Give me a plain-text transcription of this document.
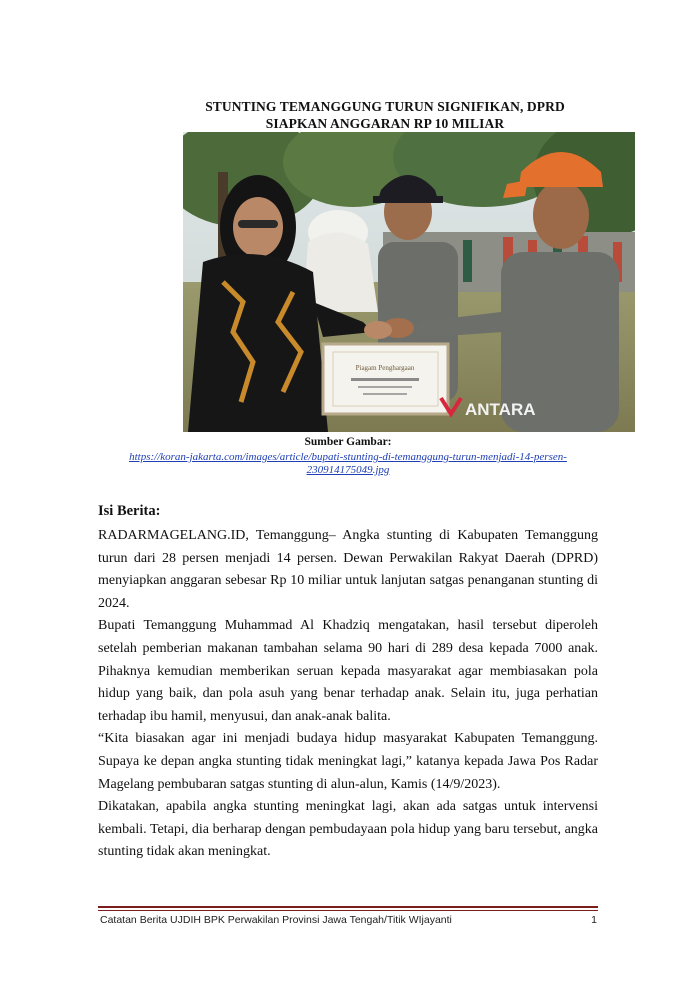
STUNTING TEMANGGUNG TURUN SIGNIFIKAN, DPRD
SIAPKAN ANGGARAN RP 10 MILIAR
Piagam Penghargaan
ANTARA
Sumber Gambar:
https://koran-jakarta.com/images/article/bupati-stunting-di-temanggung-turun-menjadi-14-persen-230914175049.jpg
Isi Berita:

RADARMAGELANG.ID, Temanggung– Angka stunting di Kabupaten Temanggung turun dari 28 persen menjadi 14 persen. Dewan Perwakilan Rakyat Daerah (DPRD) menyiapkan anggaran sebesar Rp 10 miliar untuk lanjutan satgas penanganan stunting di 2024.

Bupati Temanggung Muhammad Al Khadziq mengatakan, hasil tersebut diperoleh setelah pemberian makanan tambahan selama 90 hari di 289 desa kepada 7000 anak. Pihaknya kemudian memberikan seruan kepada masyarakat agar membiasakan pola hidup yang baik, dan pola asuh yang benar terhadap anak. Selain itu, juga perhatian terhadap ibu hamil, menyusui, dan anak-anak balita.

“Kita biasakan agar ini menjadi budaya hidup masyarakat Kabupaten Temanggung. Supaya ke depan angka stunting tidak meningkat lagi,” katanya kepada Jawa Pos Radar Magelang pembubaran satgas stunting di alun-alun, Kamis (14/9/2023).

Dikatakan, apabila angka stunting meningkat lagi, akan ada satgas untuk intervensi kembali. Tetapi, dia berharap dengan pembudayaan pola hidup yang baru tersebut, angka stunting tidak akan meningkat.

Catatan Berita UJDIH BPK Perwakilan Provinsi Jawa Tengah/Titik WIjayanti	1
